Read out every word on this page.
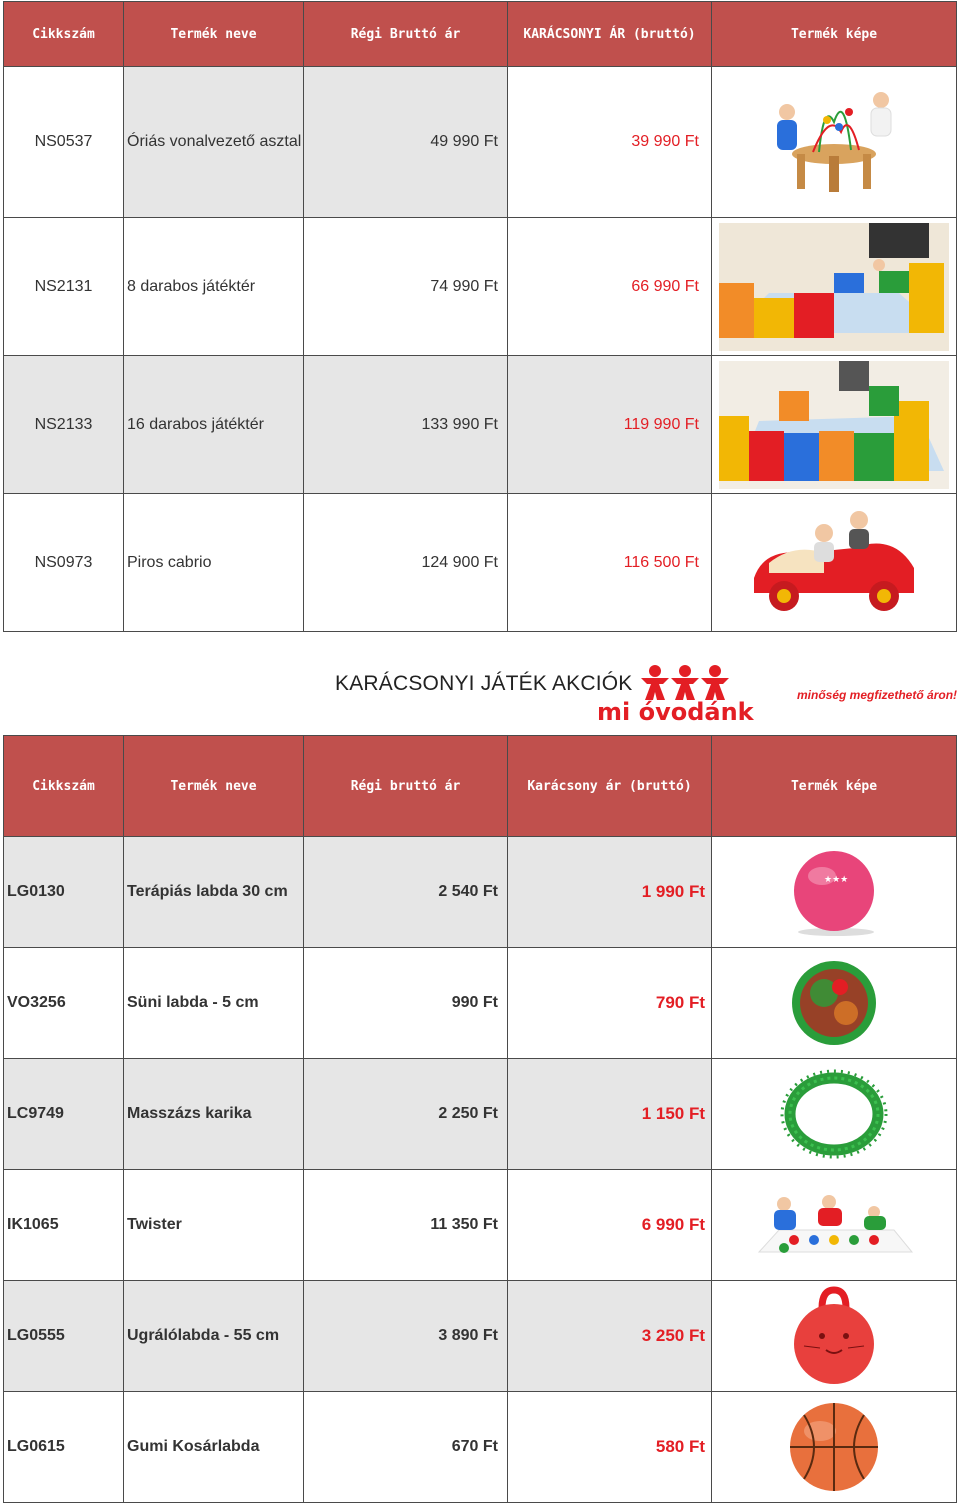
Cikkszám	Termék neve	Régi Bruttó ár	KARÁCSONYI ÁR (bruttó)	Termék képe
NS0537	Óriás vonalvezető asztal	49 990 Ft	39 990 Ft	

NS2131	8 darabos játéktér	74 990 Ft	66 990 Ft	

NS2133	16 darabos játéktér	133 990 Ft	119 990 Ft	

NS0973	Piros cabrio	124 900 Ft	116 500 Ft	
KARÁCSONYI JÁTÉK AKCIÓK
mi óvodánk
minőség megfizethető áron!
Cikkszám	Termék neve	Régi bruttó ár	Karácsony ár (bruttó)	Termék képe
LG0130	Terápiás labda 30 cm	2 540 Ft	1 990 Ft	★★★

VO3256	Süni labda - 5 cm	990 Ft	790 Ft	

LC9749	Masszázs karika	2 250 Ft	1 150 Ft	

IK1065	Twister	11 350 Ft	6 990 Ft	

LG0555	Ugrálólabda - 55 cm	3 890 Ft	3 250 Ft	

LG0615	Gumi Kosárlabda	670 Ft	580 Ft	
